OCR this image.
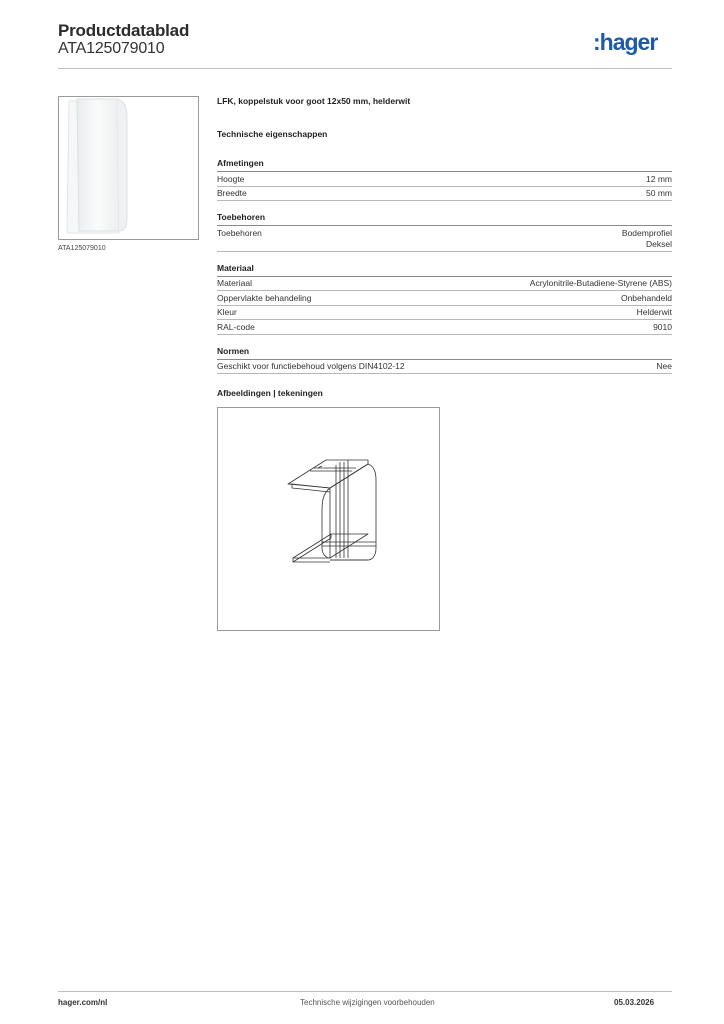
Productdatablad
ATA125079010	:hager
ATA125079010
LFK, koppelstuk voor goot 12x50 mm, helderwit
Technische eigenschappen
Afmetingen
Hoogte	12 mm
Breedte	50 mm
Toebehoren
Toebehoren	Bodemprofiel
Deksel
Materiaal
Materiaal	Acrylonitrile-Butadiene-Styrene (ABS)
Oppervlakte behandeling	Onbehandeld
Kleur	Helderwit
RAL-code	9010
Normen
Geschikt voor functiebehoud volgens DIN4102-12	Nee
Afbeeldingen | tekeningen
hager.com/nl	Technische wijzigingen voorbehouden	05.03.2026
